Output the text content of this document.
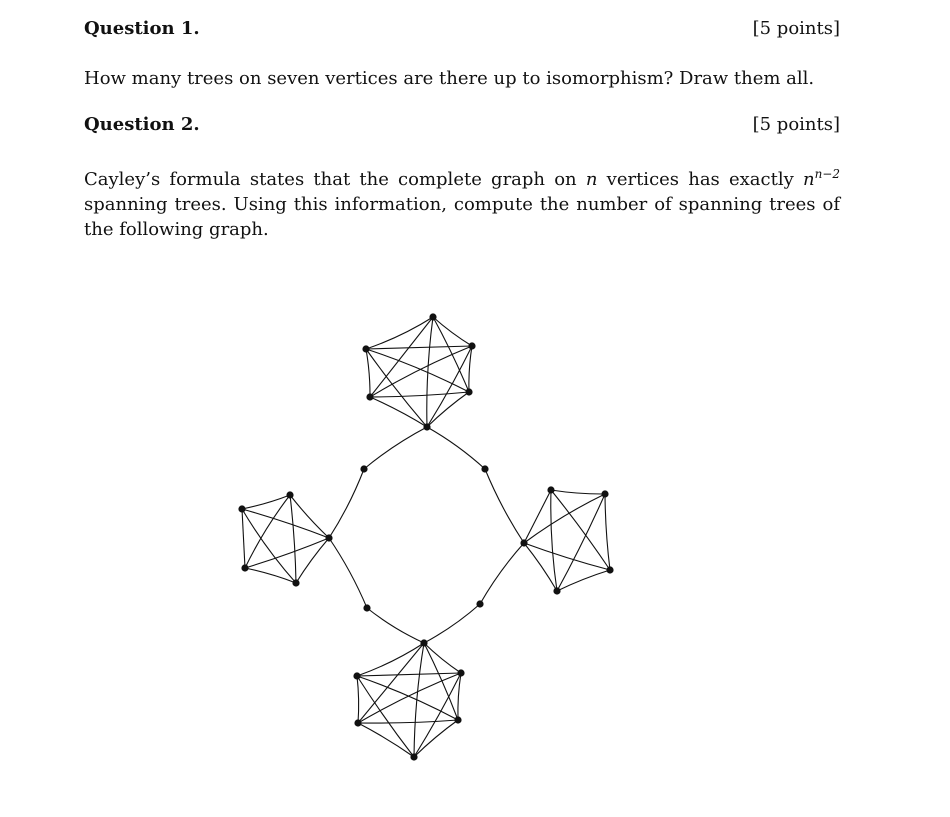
Question 1.	[5 points]
How many trees on seven vertices are there up to isomorphism? Draw them all.
Question 2.	[5 points]
Cayley’s formula states that the complete graph on n vertices has exactly $n^{n-2}$ spanning trees. Using this information, compute the number of spanning trees of the following graph.
